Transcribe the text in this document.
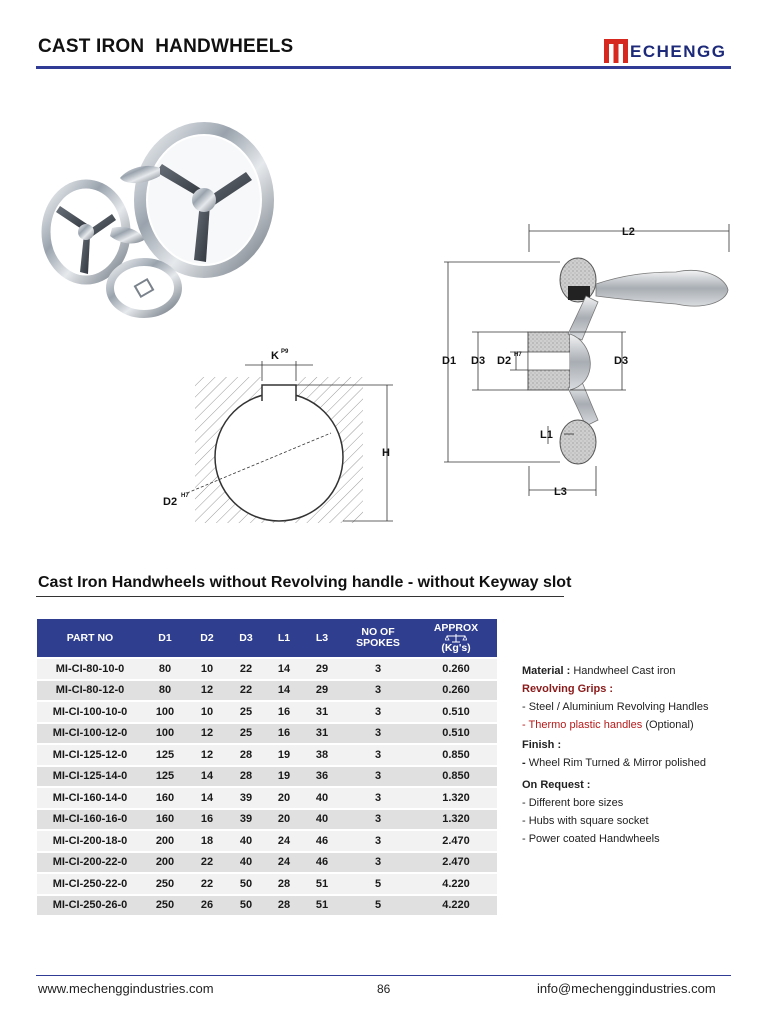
CAST IRON  HANDWHEELS	ECHENGG
K P9
H
D2 H7
L2
D1 D3 D2 H7	D3
L1
L3
Cast Iron Handwheels without Revolving handle - without Keyway slot
PART NO	D1	D2	D3	L1	L3	NO OF SPOKES	APPROX
(Kg's)

MI-CI-80-10-0	80	10	22	14	29	3	0.260
MI-CI-80-12-0	80	12	22	14	29	3	0.260
MI-CI-100-10-0	100	10	25	16	31	3	0.510
MI-CI-100-12-0	100	12	25	16	31	3	0.510
MI-CI-125-12-0	125	12	28	19	38	3	0.850
MI-CI-125-14-0	125	14	28	19	36	3	0.850
MI-CI-160-14-0	160	14	39	20	40	3	1.320
MI-CI-160-16-0	160	16	39	20	40	3	1.320
MI-CI-200-18-0	200	18	40	24	46	3	2.470
MI-CI-200-22-0	200	22	40	24	46	3	2.470
MI-CI-250-22-0	250	22	50	28	51	5	4.220
MI-CI-250-26-0	250	26	50	28	51	5	4.220
Material : Handwheel Cast iron
Revolving Grips :
- Steel / Aluminium Revolving Handles
- Thermo plastic handles (Optional)
Finish :
- Wheel Rim Turned & Mirror polished
On Request :
- Different bore sizes
- Hubs with square socket
- Power coated Handwheels
www.mechenggindustries.com	86	info@mechenggindustries.com
